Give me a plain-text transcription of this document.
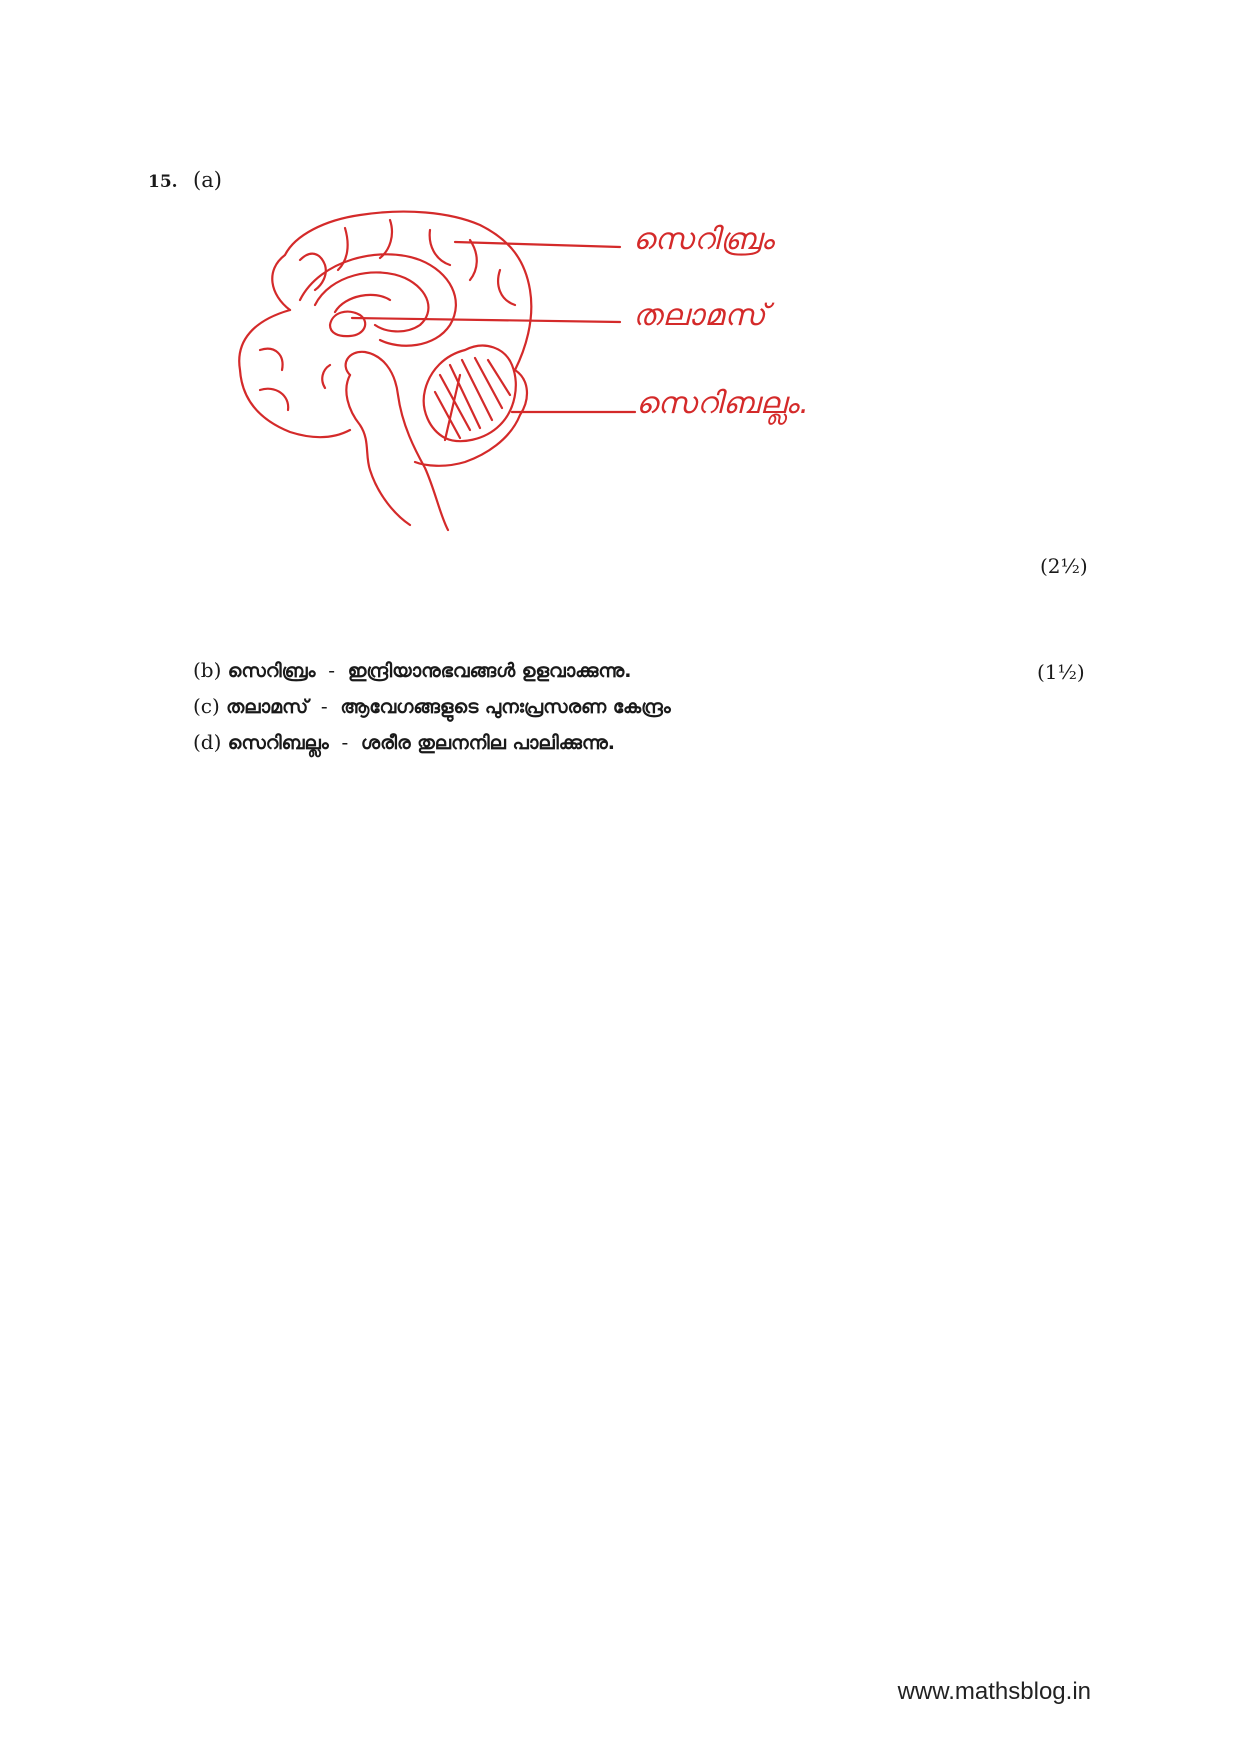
15. (a)
സെറിബ്രം
തലാമസ്
സെറിബല്ലം.
(2½)
(b) സെറിബ്രം - ഇന്ദ്രിയാനുഭവങ്ങൾ ഉളവാക്കുന്നു.	(1½)
(c) തലാമസ് - ആവേഗങ്ങളുടെ പുനഃപ്രസരണ കേന്ദ്രം
(d) സെറിബല്ലം - ശരീര തുലനനില പാലിക്കുന്നു.
www.mathsblog.in
